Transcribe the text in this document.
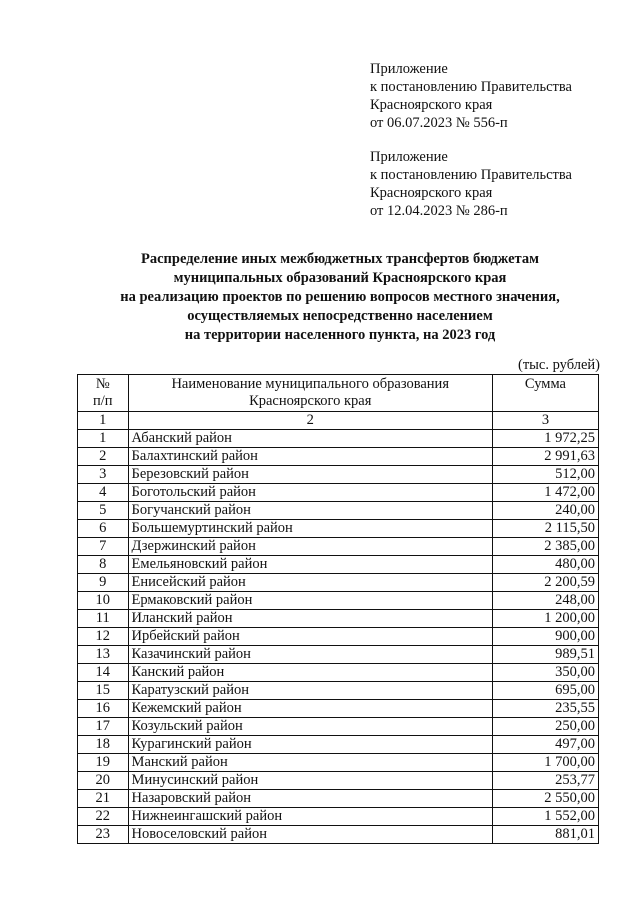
Приложение
к постановлению Правительства
Красноярского края
от 06.07.2023 № 556-п
Приложение
к постановлению Правительства
Красноярского края
от 12.04.2023 № 286-п
Распределение иных межбюджетных трансфертов бюджетам
муниципальных образований Красноярского края
на реализацию проектов по решению вопросов местного значения,
осуществляемых непосредственно населением
на территории населенного пункта, на 2023 год
(тыс. рублей)
№
п/п	Наименование муниципального образования Красноярского края	Сумма
1	2	3
1	Абанский район	1 972,25
2	Балахтинский район	2 991,63
3	Березовский район	512,00
4	Боготольский район	1 472,00
5	Богучанский район	240,00
6	Большемуртинский район	2 115,50
7	Дзержинский район	2 385,00
8	Емельяновский район	480,00
9	Енисейский район	2 200,59
10	Ермаковский район	248,00
11	Иланский район	1 200,00
12	Ирбейский район	900,00
13	Казачинский район	989,51
14	Канский район	350,00
15	Каратузский район	695,00
16	Кежемский район	235,55
17	Козульский район	250,00
18	Курагинский район	497,00
19	Манский район	1 700,00
20	Минусинский район	253,77
21	Назаровский район	2 550,00
22	Нижнеингашский район	1 552,00
23	Новоселовский район	881,01
